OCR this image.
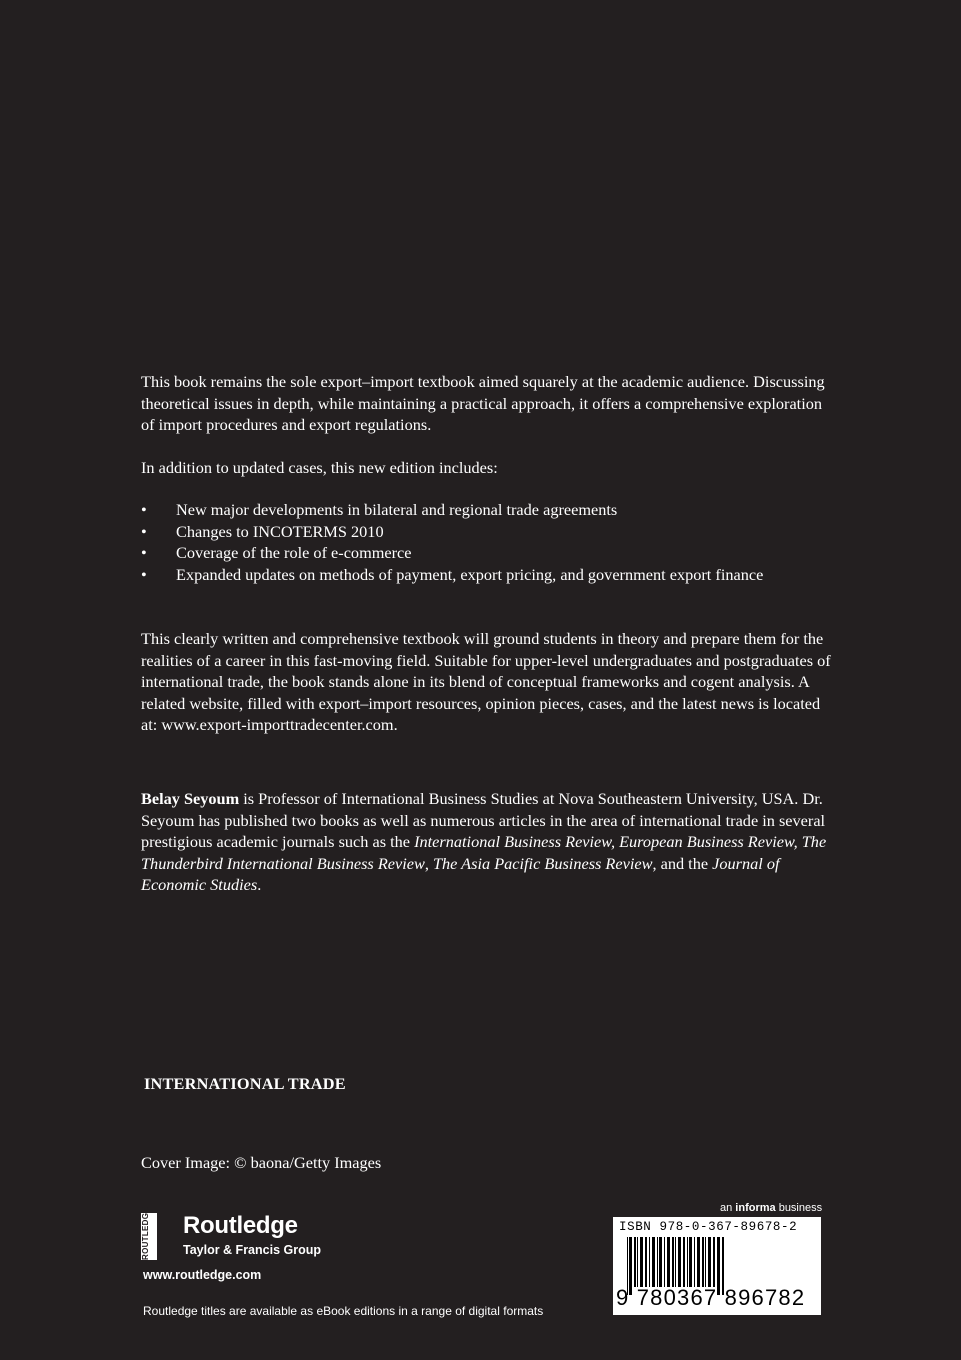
This book remains the sole export–import textbook aimed squarely at the academic audience. Discussing theoretical issues in depth, while maintaining a practical approach, it offers a comprehensive exploration of import procedures and export regulations.

In addition to updated cases, this new edition includes:

• New major developments in bilateral and regional trade agreements
• Changes to INCOTERMS 2010
• Coverage of the role of e-commerce
• Expanded updates on methods of payment, export pricing, and government export finance

This clearly written and comprehensive textbook will ground students in theory and prepare them for the realities of a career in this fast-moving field. Suitable for upper-level undergraduates and postgraduates of international trade, the book stands alone in its blend of conceptual frameworks and cogent analysis. A related website, filled with export–import resources, opinion pieces, cases, and the latest news is located at: www.export-importtradecenter.com.

Belay Seyoum is Professor of International Business Studies at Nova Southeastern University, USA. Dr. Seyoum has published two books as well as numerous articles in the area of international trade in several prestigious academic journals such as the International Business Review, European Business Review, The Thunderbird International Business Review, The Asia Pacific Business Review, and the Journal of Economic Studies.

INTERNATIONAL TRADE
Cover Image: © baona/Getty Images
ROUTLEDGE Routledge
Taylor & Francis Group
www.routledge.com
Routledge titles are available as eBook editions in a range of digital formats
an informa business
ISBN 978-0-367-89678-2
9 780367 896782
